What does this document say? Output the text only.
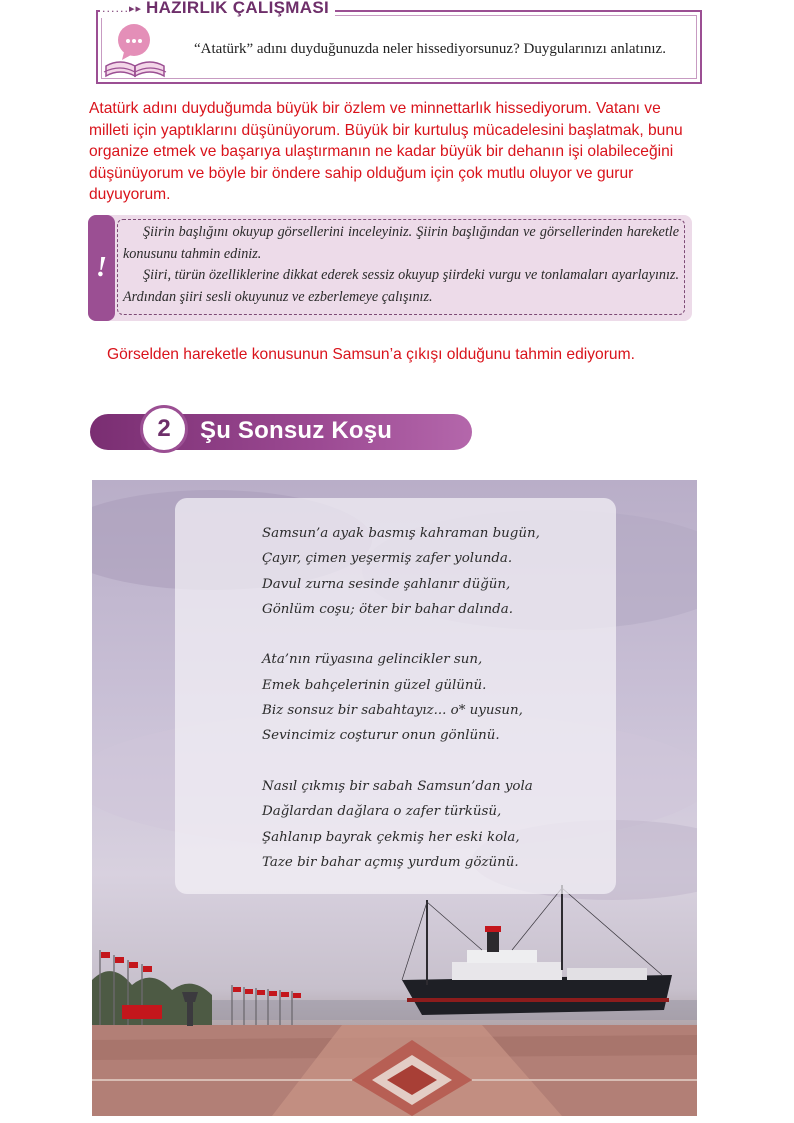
......▸▸ HAZIRLIK ÇALIŞMASI
“Atatürk” adını duyduğunuzda neler hissediyorsunuz? Duygularınızı anlatınız.
Atatürk adını duyduğumda büyük bir özlem ve minnettarlık hissediyorum. Vatanı ve milleti için yaptıklarını düşünüyorum. Büyük bir kurtuluş mücadelesini başlatmak, bunu organize etmek ve başarıya ulaştırmanın ne kadar büyük bir dehanın işi olabileceğini düşünüyorum ve böyle bir öndere sahip olduğum için çok mutlu oluyor ve gurur duyuyorum.
!

Şiirin başlığını okuyup görsellerini inceleyiniz. Şiirin başlığından ve görsellerinden hareketle konusunu tahmin ediniz.

Şiiri, türün özelliklerine dikkat ederek sessiz okuyup şiirdeki vurgu ve tonlamaları ayarlayınız. Ardından şiiri sesli okuyunuz ve ezberlemeye çalışınız.

Görselden hareketle konusunun Samsun’a çıkışı olduğunu tahmin ediyorum.
2 Şu Sonsuz Koşu
Samsun’a ayak basmış kahraman bugün,
Çayır, çimen yeşermiş zafer yolunda.
Davul zurna sesinde şahlanır düğün,
Gönlüm coşu; öter bir bahar dalında.
Ata’nın rüyasına gelincikler sun,
Emek bahçelerinin güzel gülünü.
Biz sonsuz bir sabahtayız... o* uyusun,
Sevincimiz coşturur onun gönlünü.
Nasıl çıkmış bir sabah Samsun’dan yola
Dağlardan dağlara o zafer türküsü,
Şahlanıp bayrak çekmiş her eski kola,
Taze bir bahar açmış yurdum gözünü.
